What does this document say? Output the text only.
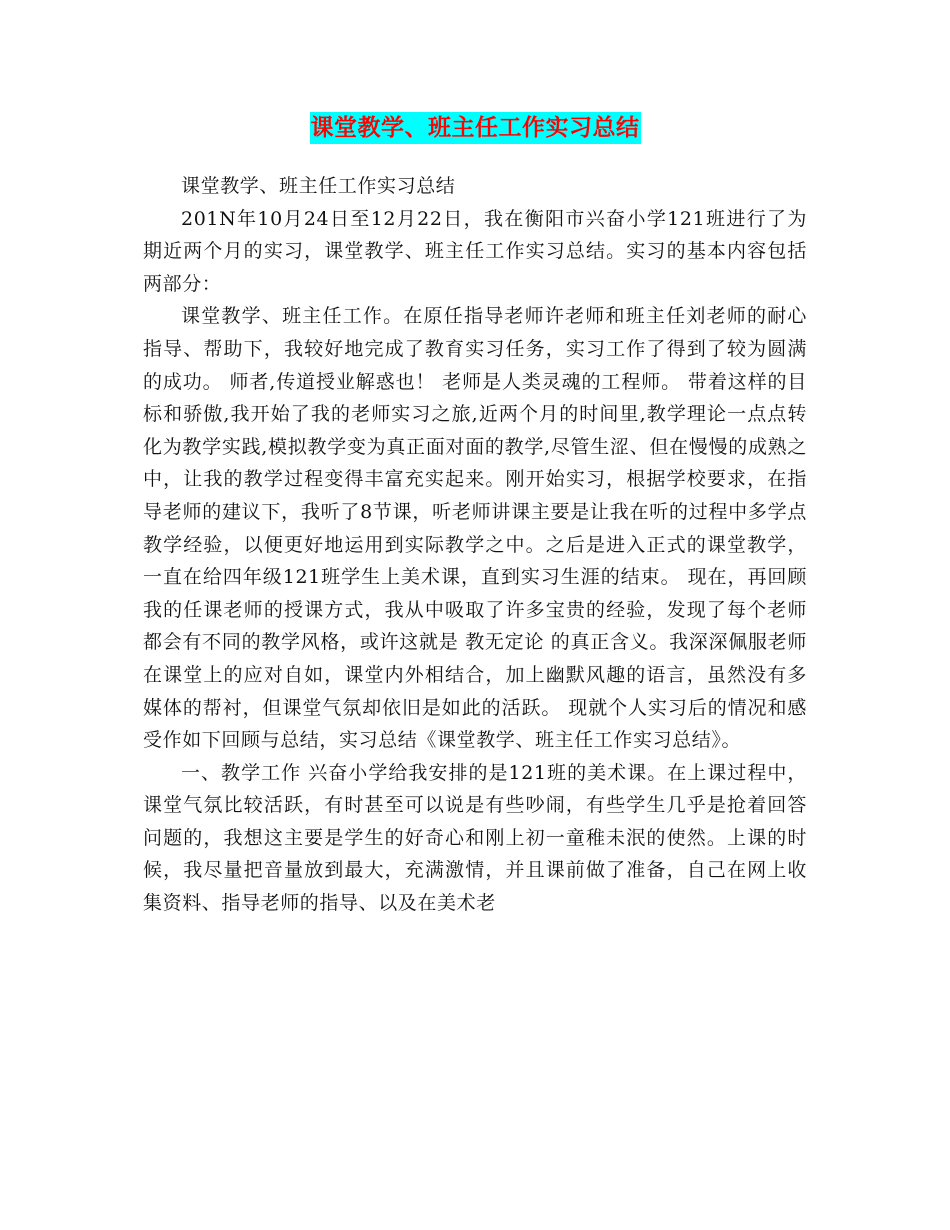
课堂教学、班主任工作实习总结

课堂教学、班主任工作实习总结

201N年10月24日至12月22日，我在衡阳市兴奋小学121班进行了为期近两个月的实习，课堂教学、班主任工作实习总结。实习的基本内容包括两部分：

课堂教学、班主任工作。在原任指导老师许老师和班主任刘老师的耐心指导、帮助下，我较好地完成了教育实习任务，实习工作了得到了较为圆满的成功。 师者,传道授业解惑也！ 老师是人类灵魂的工程师。 带着这样的目标和骄傲,我开始了我的老师实习之旅,近两个月的时间里,教学理论一点点转化为教学实践,模拟教学变为真正面对面的教学,尽管生涩、但在慢慢的成熟之中，让我的教学过程变得丰富充实起来。刚开始实习，根据学校要求，在指导老师的建议下，我听了8节课，听老师讲课主要是让我在听的过程中多学点教学经验，以便更好地运用到实际教学之中。之后是进入正式的课堂教学，一直在给四年级121班学生上美术课，直到实习生涯的结束。 现在，再回顾我的任课老师的授课方式，我从中吸取了许多宝贵的经验，发现了每个老师都会有不同的教学风格，或许这就是 教无定论 的真正含义。我深深佩服老师在课堂上的应对自如，课堂内外相结合，加上幽默风趣的语言，虽然没有多媒体的帮衬，但课堂气氛却依旧是如此的活跃。 现就个人实习后的情况和感受作如下回顾与总结，实习总结《课堂教学、班主任工作实习总结》。

一、教学工作 兴奋小学给我安排的是121班的美术课。在上课过程中，课堂气氛比较活跃，有时甚至可以说是有些吵闹，有些学生几乎是抢着回答问题的，我想这主要是学生的好奇心和刚上初一童稚未泯的使然。上课的时候，我尽量把音量放到最大，充满激情，并且课前做了准备，自己在网上收集资料、指导老师的指导、以及在美术老
